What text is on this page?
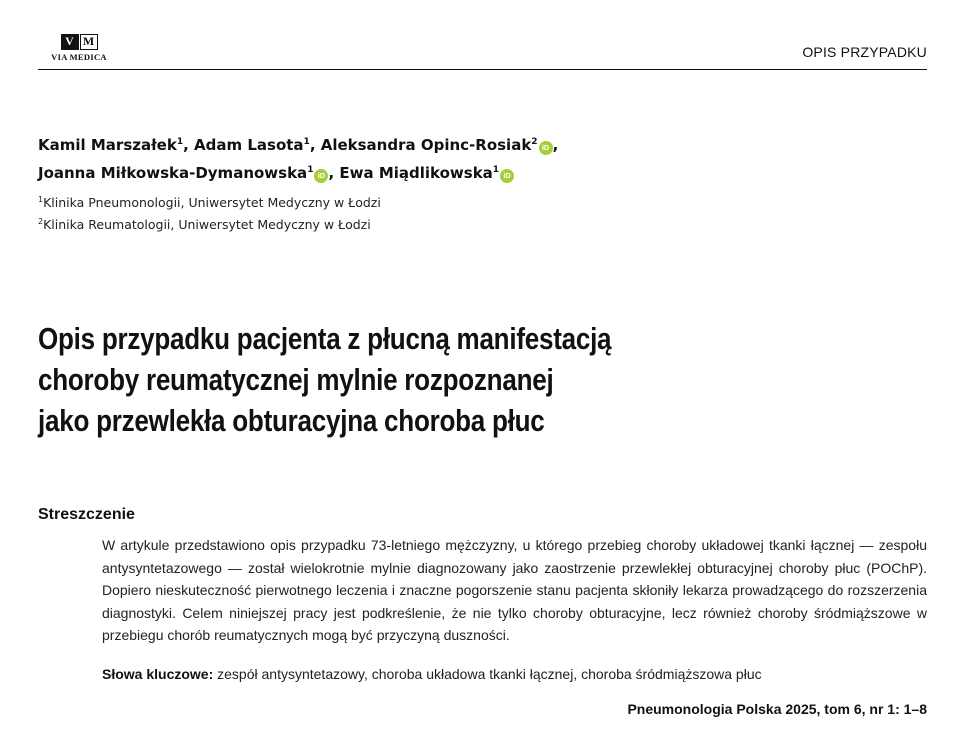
V M
VIA MEDICA	OPIS PRZYPADKU
Kamil Marszałek$^1$, Adam Lasota$^1$, Aleksandra Opinc-Rosiak$^2$iD ,
Joanna Miłkowska-Dymanowska$^1$iD , Ewa Miądlikowska$^1$iD
$^1$Klinika Pneumonologii, Uniwersytet Medyczny w Łodzi
$^2$Klinika Reumatologii, Uniwersytet Medyczny w Łodzi
Opis przypadku pacjenta z płucną manifestacją
choroby reumatycznej mylnie rozpoznanej
jako przewlekła obturacyjna choroba płuc
Streszczenie

W artykule przedstawiono opis przypadku 73-letniego mężczyzny, u którego przebieg choroby układowej tkanki łącznej — zespołu antysyntetazowego — został wielokrotnie mylnie diagnozowany jako zaostrzenie przewlekłej obturacyjnej choroby płuc (POChP). Dopiero nieskuteczność pierwotnego leczenia i znaczne pogorszenie stanu pacjenta skłoniły lekarza prowadzącego do rozszerzenia diagnostyki. Celem niniejszej pracy jest podkreślenie, że nie tylko choroby obturacyjne, lecz również choroby śródmiąższowe w przebiegu chorób reumatycznych mogą być przyczyną duszności.

Słowa kluczowe: zespół antysyntetazowy, choroba układowa tkanki łącznej, choroba śródmiąższowa płuc
Pneumonologia Polska 2025, tom 6, nr 1: 1–8
